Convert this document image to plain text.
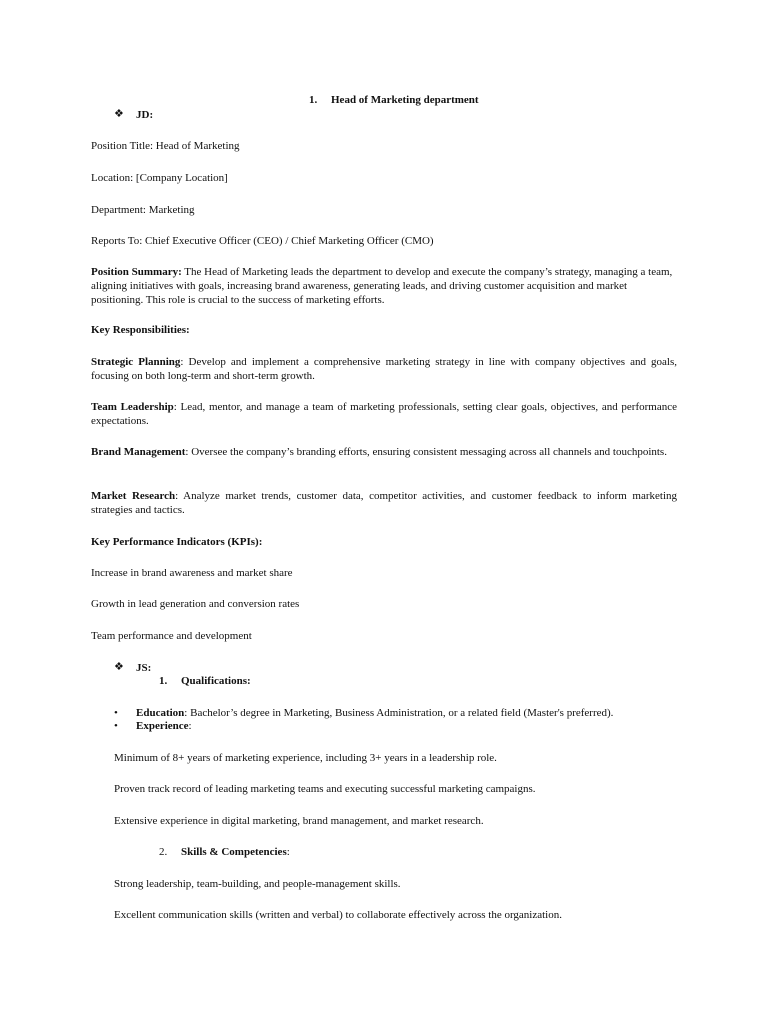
1. Head of Marketing department
❖ JD:
Position Title: Head of Marketing
Location: [Company Location]
Department: Marketing
Reports To: Chief Executive Officer (CEO) / Chief Marketing Officer (CMO)
Position Summary: The Head of Marketing leads the department to develop and execute the company’s strategy, managing a team, aligning initiatives with goals, increasing brand awareness, generating leads, and driving customer acquisition and market positioning. This role is crucial to the success of marketing efforts.
Key Responsibilities:
Strategic Planning: Develop and implement a comprehensive marketing strategy in line with company objectives and goals, focusing on both long-term and short-term growth.
Team Leadership: Lead, mentor, and manage a team of marketing professionals, setting clear goals, objectives, and performance expectations.
Brand Management: Oversee the company’s branding efforts, ensuring consistent messaging across all channels and touchpoints.
Market Research: Analyze market trends, customer data, competitor activities, and customer feedback to inform marketing strategies and tactics.
Key Performance Indicators (KPIs):
Increase in brand awareness and market share
Growth in lead generation and conversion rates
Team performance and development
❖ JS:
1. Qualifications:
• Education: Bachelor’s degree in Marketing, Business Administration, or a related field (Master's preferred).
• Experience:
Minimum of 8+ years of marketing experience, including 3+ years in a leadership role.
Proven track record of leading marketing teams and executing successful marketing campaigns.
Extensive experience in digital marketing, brand management, and market research.
2. Skills & Competencies:
Strong leadership, team-building, and people-management skills.
Excellent communication skills (written and verbal) to collaborate effectively across the organization.
